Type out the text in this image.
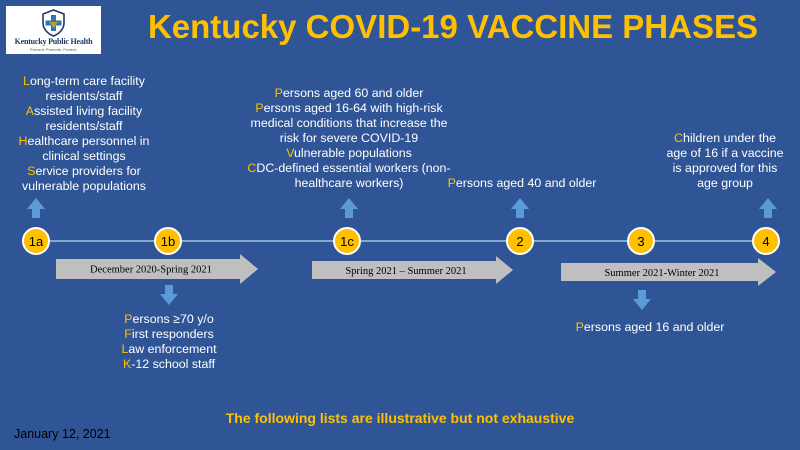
Kentucky Public Health
Prevent. Promote. Protect.
Kentucky COVID-19 VACCINE PHASES
Long-term care facility residents/staff
Assisted living facility residents/staff
Healthcare personnel in clinical settings
Service providers for vulnerable populations
Persons ≥70 y/o
First responders
Law enforcement
K-12 school staff
Persons aged 60 and older
Persons aged 16-64 with high-risk medical conditions that increase the risk for severe COVID-19
Vulnerable populations
CDC-defined essential workers (non-healthcare workers)	Persons aged 40 and older
Persons aged 16 and older
Children under the age of 16 if a vaccine is approved for this age group
December 2020-Spring 2021	Spring 2021 – Summer 2021	Summer 2021-Winter 2021
1a	1b	1c	2	3	4
The following lists are illustrative but not exhaustive
January 12, 2021
